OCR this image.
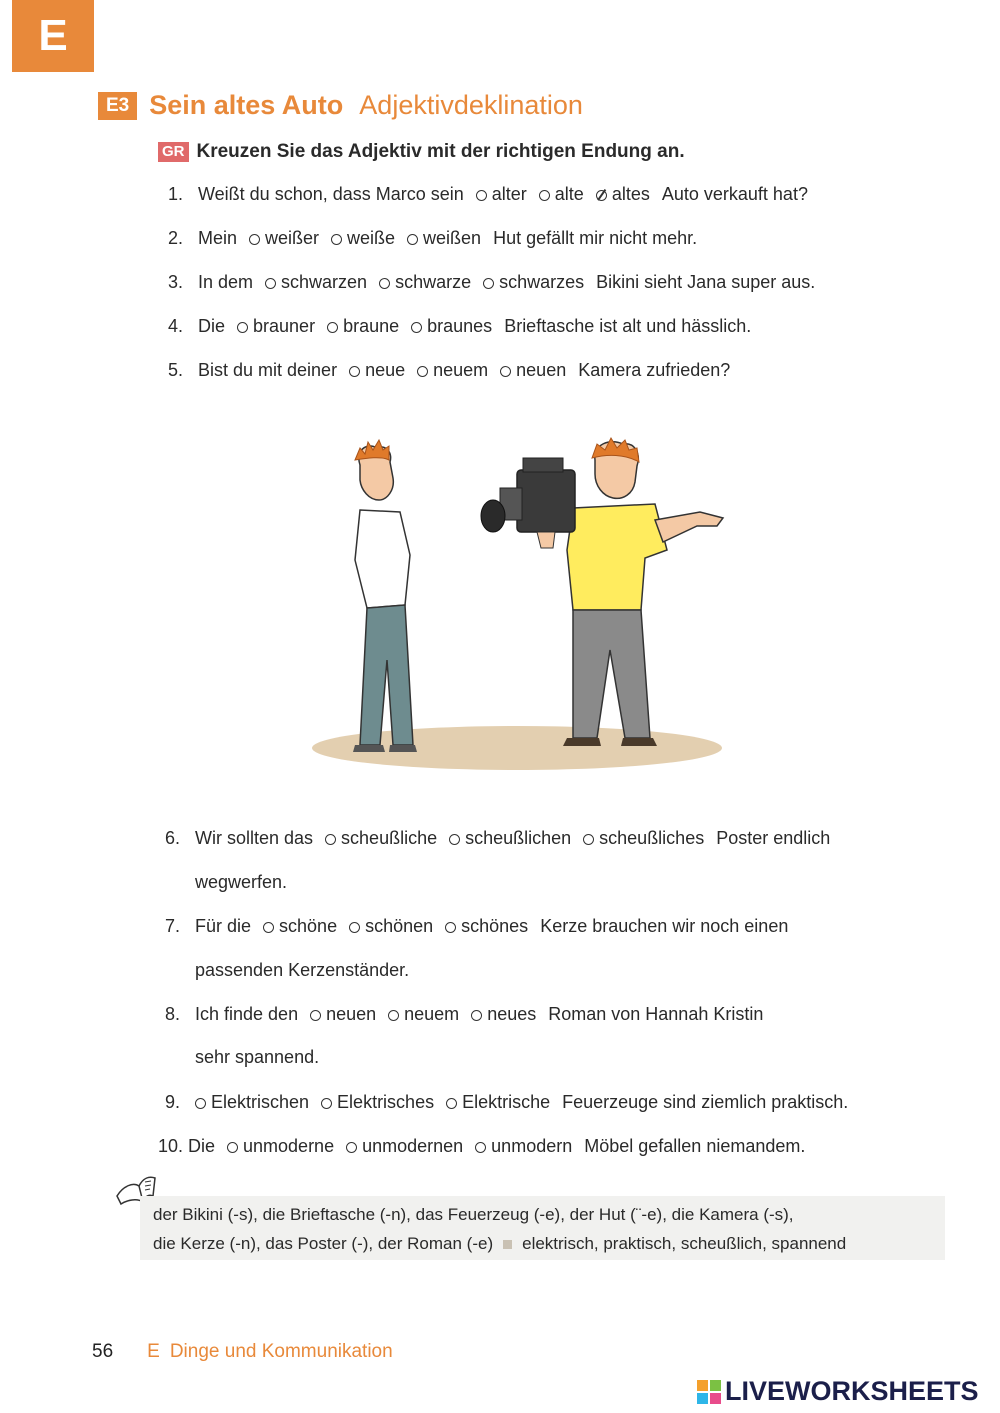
E
E3 Sein altes Auto Adjektivdeklination
GR Kreuzen Sie das Adjektiv mit der richtigen Endung an.
1. Weißt du schon, dass Marco sein alter alte altes Auto verkauft hat?
2. Mein weißer weiße weißen Hut gefällt mir nicht mehr.
3. In dem schwarzen schwarze schwarzes Bikini sieht Jana super aus.
4. Die brauner braune braunes Brieftasche ist alt und hässlich.
5. Bist du mit deiner neue neuem neuen Kamera zufrieden?
6. Wir sollten das scheußliche scheußlichen scheußliches Poster endlich
wegwerfen.
7. Für die schöne schönen schönes Kerze brauchen wir noch einen
passenden Kerzenständer.
8. Ich finde den neuen neuem neues Roman von Hannah Kristin
sehr spannend.
9.	Elektrischen Elektrisches Elektrische Feuerzeuge sind ziemlich praktisch.
10. Die unmoderne unmodernen unmodern Möbel gefallen niemandem.
der Bikini (-s), die Brieftasche (-n), das Feuerzeug (-e), der Hut (¨-e), die Kamera (-s),
die Kerze (-n), das Poster (-), der Roman (-e) elektrisch, praktisch, scheußlich, spannend
56 E Dinge und Kommunikation
LIVEWORKSHEETS
